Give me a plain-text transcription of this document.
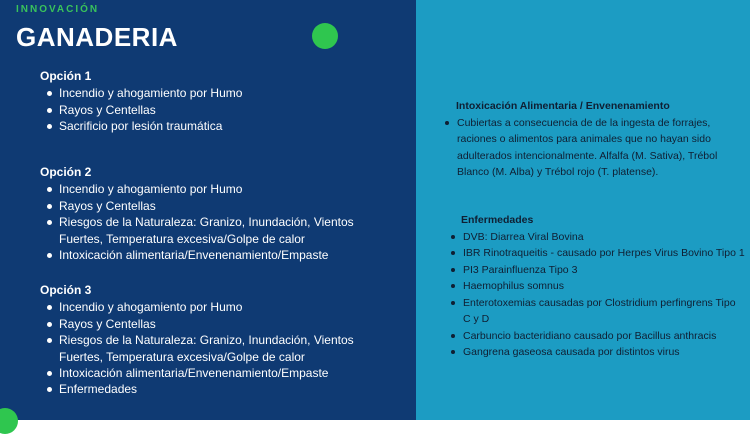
INNOVACIÓN
GANADERIA
Opción 1
Incendio y ahogamiento por Humo
Rayos y Centellas
Sacrificio por lesión traumática
Opción 2
Incendio y ahogamiento por Humo
Rayos y Centellas
Riesgos de la Naturaleza: Granizo, Inundación, Vientos Fuertes, Temperatura excesiva/Golpe de calor
Intoxicación alimentaria/Envenenamiento/Empaste
Opción 3
Incendio y ahogamiento por Humo
Rayos y Centellas
Riesgos de la Naturaleza: Granizo, Inundación, Vientos Fuertes, Temperatura excesiva/Golpe de calor
Intoxicación alimentaria/Envenenamiento/Empaste
Enfermedades
Intoxicación Alimentaria / Envenenamiento
Cubiertas a consecuencia de de la ingesta de forrajes, raciones o alimentos para animales que no hayan sido adulterados intencionalmente. Alfalfa (M. Sativa), Trébol Blanco (M. Alba) y Trébol rojo (T. platense).
Enfermedades
DVB: Diarrea Viral Bovina
IBR Rinotraqueitis - causado por Herpes Virus Bovino Tipo 1
PI3 Parainfluenza Tipo 3
Haemophilus somnus
Enterotoxemias causadas por Clostridium perfingrens Tipo C y D
Carbuncio bacteridiano causado por Bacillus anthracis
Gangrena gaseosa causada por distintos virus
